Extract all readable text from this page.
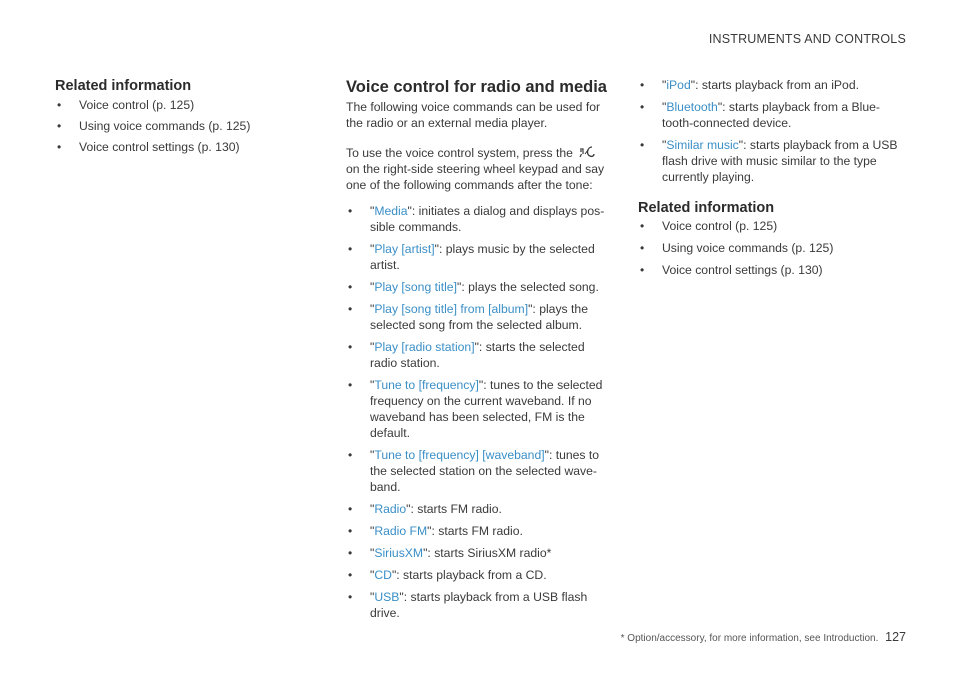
INSTRUMENTS AND CONTROLS
Related information
• Voice control (p. 125)
• Using voice commands (p. 125)
• Voice control settings (p. 130)
Voice control for radio and media

The following voice commands can be used for the radio or an external media player.

To use the voice control system, press the on the right-side steering wheel keypad and say one of the following commands after the tone:

• "Media": initiates a dialog and displays pos-sible commands.
• "Play [artist]": plays music by the selected artist.
• "Play [song title]": plays the selected song.
• "Play [song title] from [album]": plays the selected song from the selected album.
• "Play [radio station]": starts the selected radio station.
• "Tune to [frequency]": tunes to the selected frequency on the current waveband. If no waveband has been selected, FM is the default.
• "Tune to [frequency] [waveband]": tunes to the selected station on the selected wave-band.
• "Radio": starts FM radio.
• "Radio FM": starts FM radio.
• "SiriusXM": starts SiriusXM radio*
• "CD": starts playback from a CD.
• "USB": starts playback from a USB flash drive.
• "iPod": starts playback from an iPod.
• "Bluetooth": starts playback from a Blue-tooth-connected device.
• "Similar music": starts playback from a USB flash drive with music similar to the type currently playing.
Related information
• Voice control (p. 125)
• Using voice commands (p. 125)
• Voice control settings (p. 130)
* Option/accessory, for more information, see Introduction. 127
